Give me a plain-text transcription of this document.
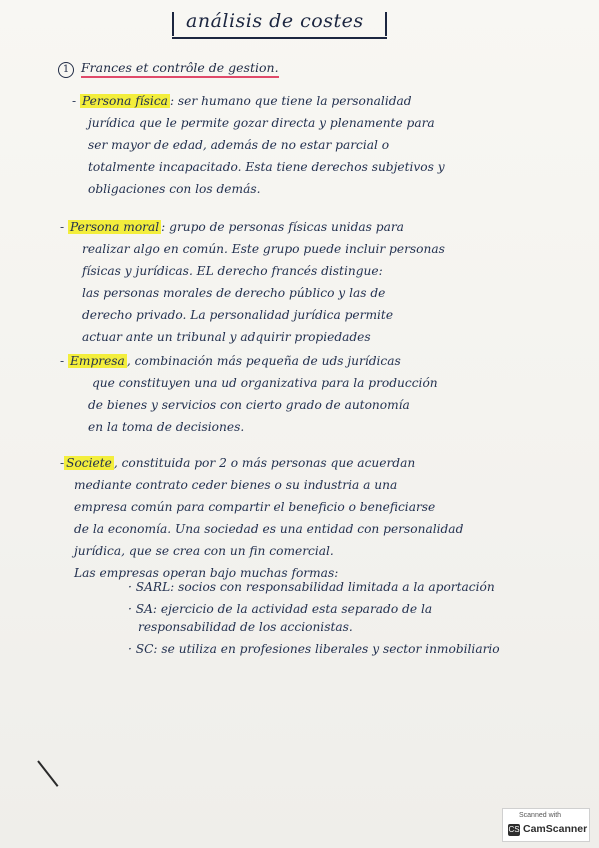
análisis de costes
1 Frances et contrôle de gestion.
- Persona física : ser humano que tiene la personalidad
jurídica que le permite gozar directa y plenamente para
ser mayor de edad, además de no estar parcial o
totalmente incapacitado. Esta tiene derechos subjetivos y
obligaciones con los demás.
- Persona moral : grupo de personas físicas unidas para
realizar algo en común. Este grupo puede incluir personas
físicas y jurídicas. EL derecho francés distingue:
las personas morales de derecho público y las de
derecho privado. La personalidad jurídica permite
actuar ante un tribunal y adquirir propiedades
- Empresa , combinación más pequeña de uds jurídicas
que constituyen una ud organizativa para la producción
de bienes y servicios con cierto grado de autonomía
en la toma de decisiones.
- Societe , constituida por 2 o más personas que acuerdan
mediante contrato ceder bienes o su industria a una
empresa común para compartir el beneficio o beneficiarse
de la economía. Una sociedad es una entidad con personalidad
jurídica, que se crea con un fin comercial.
Las empresas operan bajo muchas formas:
· SARL: socios con responsabilidad limitada a la aportación
· SA: ejercicio de la actividad esta separado de la
responsabilidad de los accionistas.
· SC: se utiliza en profesiones liberales y sector inmobiliario
Scanned with
CS CamScanner
